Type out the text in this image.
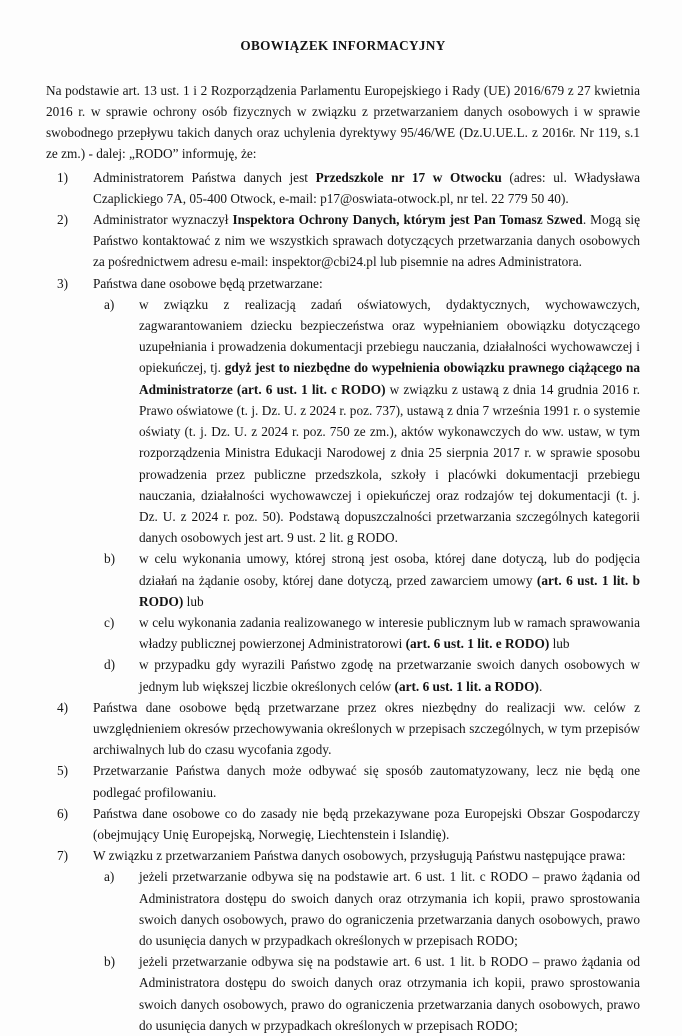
OBOWIĄZEK INFORMACYJNY

Na podstawie art. 13 ust. 1 i 2 Rozporządzenia Parlamentu Europejskiego i Rady (UE) 2016/679 z 27 kwietnia 2016 r. w sprawie ochrony osób fizycznych w związku z przetwarzaniem danych osobowych i w sprawie swobodnego przepływu takich danych oraz uchylenia dyrektywy 95/46/WE (Dz.U.UE.L. z 2016r. Nr 119, s.1 ze zm.) - dalej: „RODO” informuję, że:

1)	Administratorem Państwa danych jest Przedszkole nr 17 w Otwocku (adres: ul. Władysława Czaplickiego 7A, 05-400 Otwock, e-mail: p17@oswiata-otwock.pl, nr tel. 22 779 50 40).
2)	Administrator wyznaczył Inspektora Ochrony Danych, którym jest Pan Tomasz Szwed. Mogą się Państwo kontaktować z nim we wszystkich sprawach dotyczących przetwarzania danych osobowych za pośrednictwem adresu e-mail: inspektor@cbi24.pl lub pisemnie na adres Administratora.
3)	Państwa dane osobowe będą przetwarzane:
a)	w związku z realizacją zadań oświatowych, dydaktycznych, wychowawczych, zagwarantowaniem dziecku bezpieczeństwa oraz wypełnianiem obowiązku dotyczącego uzupełniania i prowadzenia dokumentacji przebiegu nauczania, działalności wychowawczej i opiekuńczej, tj. gdyż jest to niezbędne do wypełnienia obowiązku prawnego ciążącego na Administratorze (art. 6 ust. 1 lit. c RODO) w związku z ustawą z dnia 14 grudnia 2016 r. Prawo oświatowe (t. j. Dz. U. z 2024 r. poz. 737), ustawą z dnia 7 września 1991 r. o systemie oświaty (t. j. Dz. U. z 2024 r. poz. 750 ze zm.), aktów wykonawczych do ww. ustaw, w tym rozporządzenia Ministra Edukacji Narodowej z dnia 25 sierpnia 2017 r. w sprawie sposobu prowadzenia przez publiczne przedszkola, szkoły i placówki dokumentacji przebiegu nauczania, działalności wychowawczej i opiekuńczej oraz rodzajów tej dokumentacji (t. j. Dz. U. z 2024 r. poz. 50). Podstawą dopuszczalności przetwarzania szczególnych kategorii danych osobowych jest art. 9 ust. 2 lit. g RODO.
b)	w celu wykonania umowy, której stroną jest osoba, której dane dotyczą, lub do podjęcia działań na żądanie osoby, której dane dotyczą, przed zawarciem umowy (art. 6 ust. 1 lit. b RODO) lub
c)	w celu wykonania zadania realizowanego w interesie publicznym lub w ramach sprawowania władzy publicznej powierzonej Administratorowi (art. 6 ust. 1 lit. e RODO) lub
d)	w przypadku gdy wyrazili Państwo zgodę na przetwarzanie swoich danych osobowych w jednym lub większej liczbie określonych celów (art. 6 ust. 1 lit. a RODO).
4)	Państwa dane osobowe będą przetwarzane przez okres niezbędny do realizacji ww. celów z uwzględnieniem okresów przechowywania określonych w przepisach szczególnych, w tym przepisów archiwalnych lub do czasu wycofania zgody.
5)	Przetwarzanie Państwa danych może odbywać się sposób zautomatyzowany, lecz nie będą one podlegać profilowaniu.
6)	Państwa dane osobowe co do zasady nie będą przekazywane poza Europejski Obszar Gospodarczy (obejmujący Unię Europejską, Norwegię, Liechtenstein i Islandię).
7)	W związku z przetwarzaniem Państwa danych osobowych, przysługują Państwu następujące prawa:
a)	jeżeli przetwarzanie odbywa się na podstawie art. 6 ust. 1 lit. c RODO – prawo żądania od Administratora dostępu do swoich danych oraz otrzymania ich kopii, prawo sprostowania swoich danych osobowych, prawo do ograniczenia przetwarzania danych osobowych, prawo do usunięcia danych w przypadkach określonych w przepisach RODO;
b)	jeżeli przetwarzanie odbywa się na podstawie art. 6 ust. 1 lit. b RODO – prawo żądania od Administratora dostępu do swoich danych oraz otrzymania ich kopii, prawo sprostowania swoich danych osobowych, prawo do ograniczenia przetwarzania danych osobowych, prawo do usunięcia danych w przypadkach określonych w przepisach RODO;
